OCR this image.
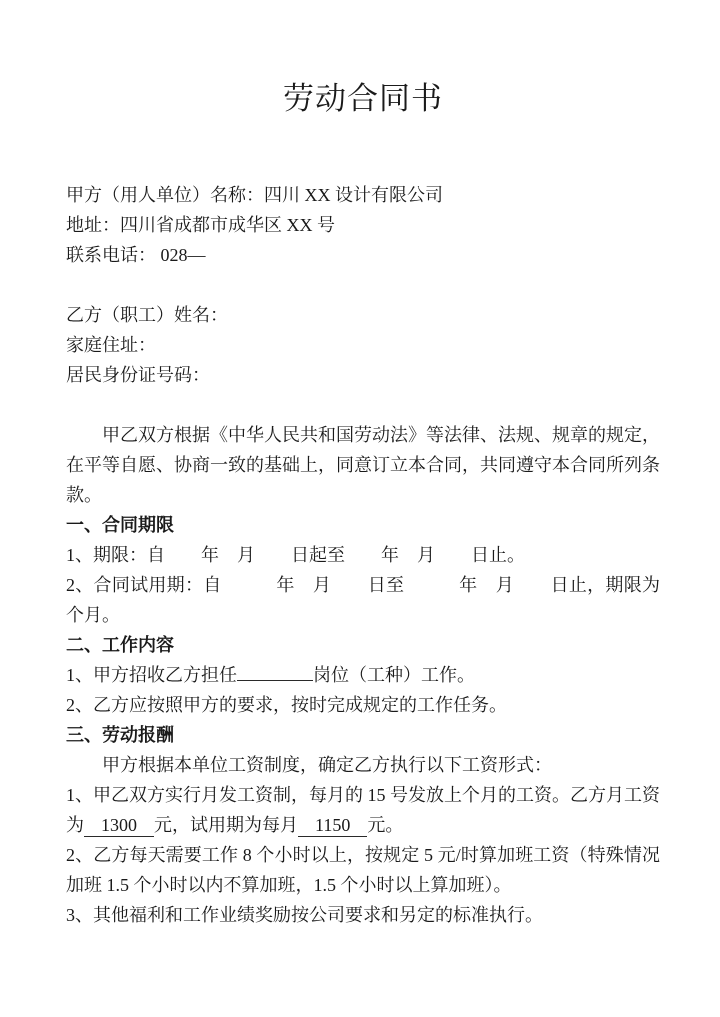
劳动合同书

甲方（用人单位）名称：四川 XX 设计有限公司

地址：四川省成都市成华区 XX 号

联系电话： 028—

乙方（职工）姓名：

家庭住址：

居民身份证号码：

甲乙双方根据《中华人民共和国劳动法》等法律、法规、规章的规定，在平等自愿、协商一致的基础上，同意订立本合同，共同遵守本合同所列条款。

一、合同期限

1、期限：自　　年　月　　日起至　　年　月　　日止。

2、合同试用期：自　　　年　月　　日至　　　年　月　　日止，期限为　　个月。

二、工作内容

1、甲方招收乙方担任	岗位（工种）工作。

2、乙方应按照甲方的要求，按时完成规定的工作任务。

三、劳动报酬

甲方根据本单位工资制度，确定乙方执行以下工资形式：

1、甲乙双方实行月发工资制，每月的 15 号发放上个月的工资。乙方月工资为 1300 元，试用期为每月 1150 元。

2、乙方每天需要工作 8 个小时以上，按规定 5 元/时算加班工资（特殊情况加班 1.5 个小时以内不算加班，1.5 个小时以上算加班）。

3、其他福利和工作业绩奖励按公司要求和另定的标准执行。
